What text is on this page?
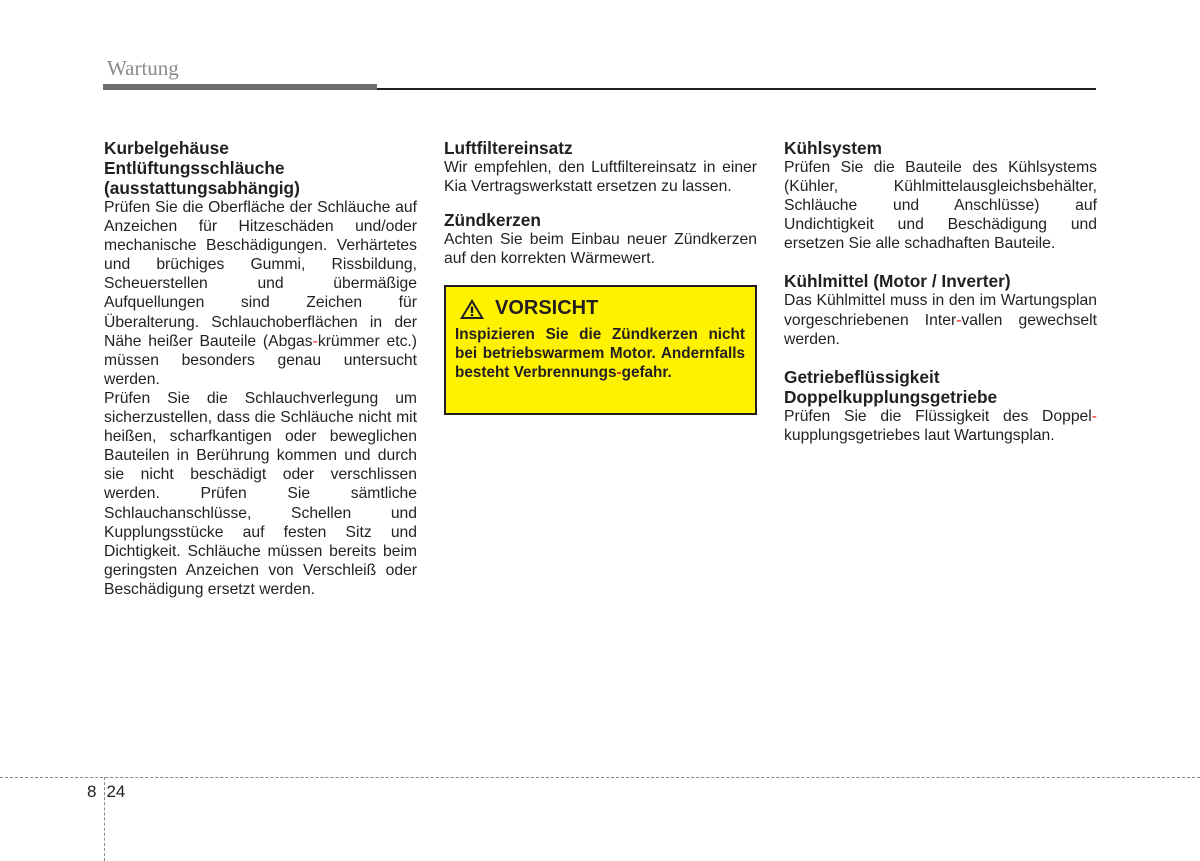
Wartung
Kurbelgehäuse
Entlüftungsschläuche
(ausstattungsabhängig)

Prüfen Sie die Oberfläche der Schläuche auf Anzeichen für Hitzeschäden und/oder mechanische Beschädigungen. Verhärtetes und brüchiges Gummi, Rissbildung, Scheuerstellen und übermäßige Aufquellungen sind Zeichen für Überalterung. Schlauchoberflächen in der Nähe heißer Bauteile (Abgas-krümmer etc.) müssen besonders genau untersucht werden.

Prüfen Sie die Schlauchverlegung um sicherzustellen, dass die Schläuche nicht mit heißen, scharfkantigen oder beweglichen Bauteilen in Berührung kommen und durch sie nicht beschädigt oder verschlissen werden. Prüfen Sie sämtliche Schlauchanschlüsse, Schellen und Kupplungsstücke auf festen Sitz und Dichtigkeit. Schläuche müssen bereits beim geringsten Anzeichen von Verschleiß oder Beschädigung ersetzt werden.

Luftfiltereinsatz

Wir empfehlen, den Luftfiltereinsatz in einer Kia Vertragswerkstatt ersetzen zu lassen.

Zündkerzen

Achten Sie beim Einbau neuer Zündkerzen auf den korrekten Wärmewert.

VORSICHT
Inspizieren Sie die Zündkerzen nicht bei betriebswarmem Motor. Andernfalls besteht Verbrennungs-gefahr.
Kühlsystem

Prüfen Sie die Bauteile des Kühlsystems (Kühler, Kühlmittelausgleichsbehälter, Schläuche und Anschlüsse) auf Undichtigkeit und Beschädigung und ersetzen Sie alle schadhaften Bauteile.

Kühlmittel (Motor / Inverter)

Das Kühlmittel muss in den im Wartungsplan vorgeschriebenen Inter-vallen gewechselt werden.

Getriebeflüssigkeit
Doppelkupplungsgetriebe

Prüfen Sie die Flüssigkeit des Doppel-kupplungsgetriebes laut Wartungsplan.

8 24
